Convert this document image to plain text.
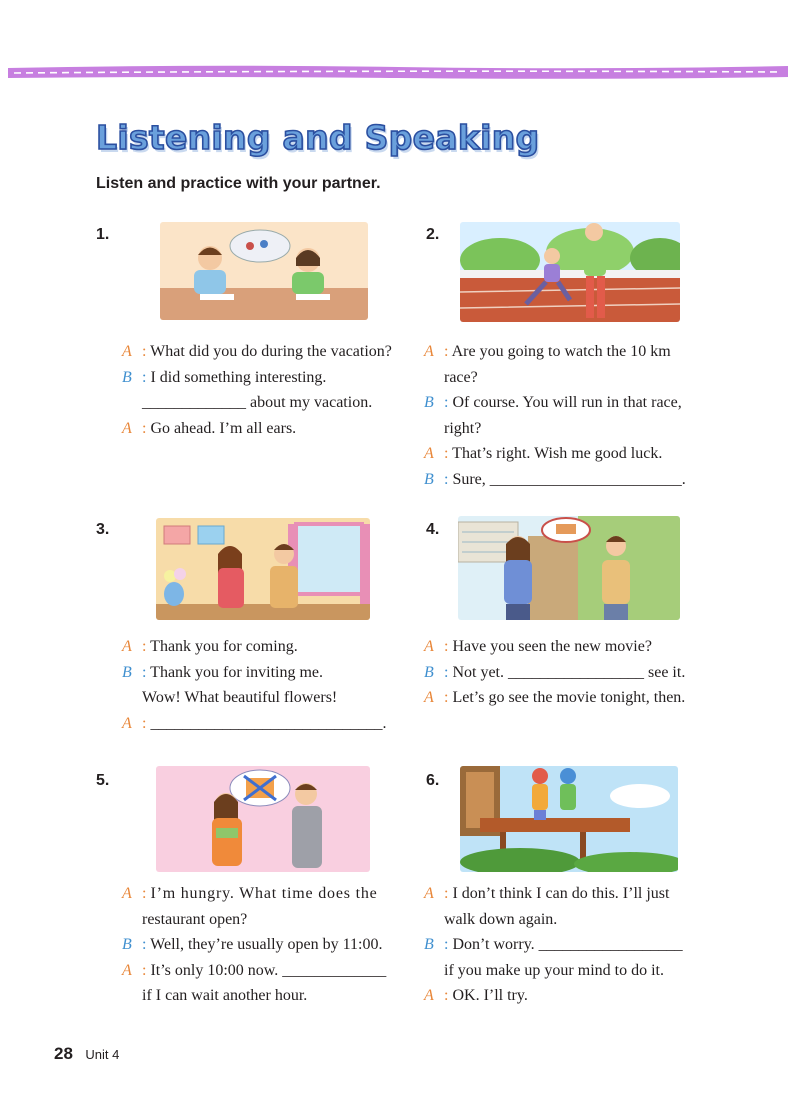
Listening and Speaking

Listen and practice with your partner.

1.
A : What did you do during the vacation?
B : I did something interesting.
_____________ about my vacation.
A : Go ahead. I’m all ears.
2.
A : Are you going to watch the 10 km
race?
B : Of course. You will run in that race,
right?
A : That’s right. Wish me good luck.
B : Sure, ________________________.
3.
A : Thank you for coming.
B : Thank you for inviting me.
Wow! What beautiful flowers!
A : _____________________________.
4.
A : Have you seen the new movie?
B : Not yet. _________________ see it.
A : Let’s go see the movie tonight, then.
5.
A : I’m hungry. What time does the
restaurant open?
B : Well, they’re usually open by 11:00.
A : It’s only 10:00 now. _____________
if I can wait another hour.
6.
A : I don’t think I can do this. I’ll just
walk down again.
B : Don’t worry. __________________
if you make up your mind to do it.
A : OK. I’ll try.
28 Unit 4
